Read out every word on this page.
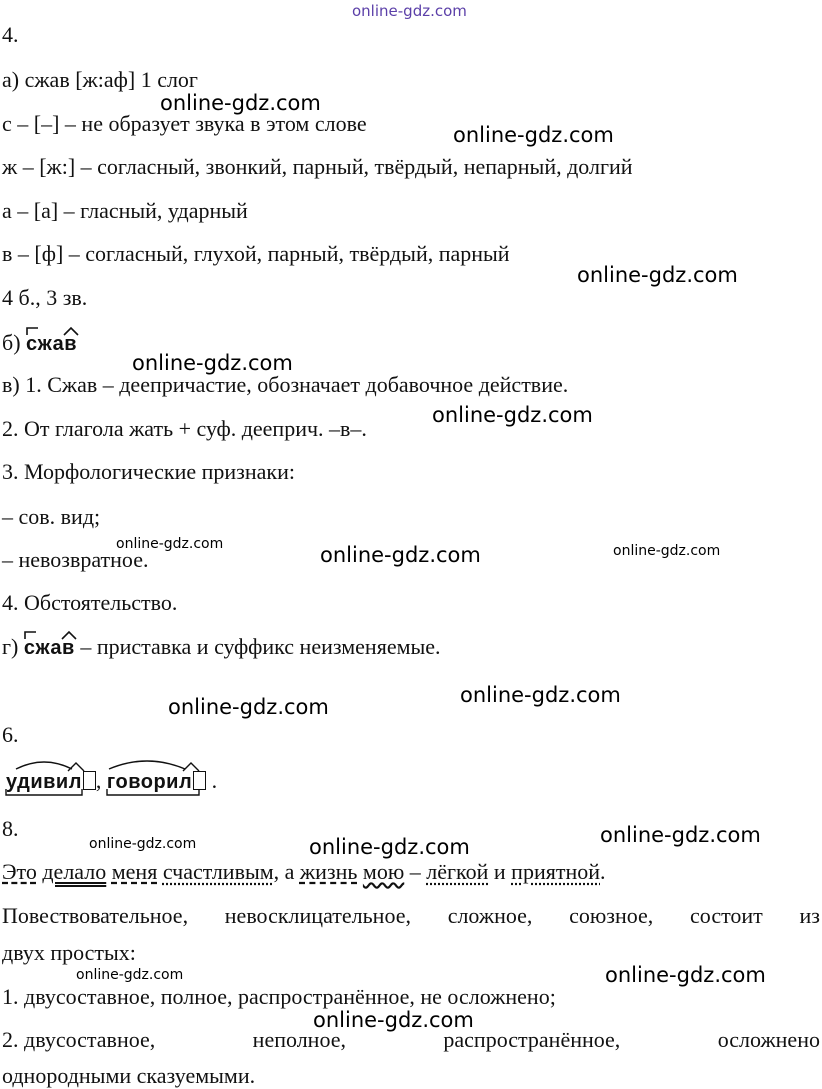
online-gdz.com
4.
а) сжав [ж:аф] 1 слог
с – [–] – не образует звука в этом слове
ж – [ж:] – согласный, звонкий, парный, твёрдый, непарный, долгий
а – [а] – гласный, ударный
в – [ф] – согласный, глухой, парный, твёрдый, парный
4 б., 3 зв.
б) сжав
в) 1. Сжав – деепричастие, обозначает добавочное действие.
2. От глагола жать + суф. дееприч. –в–.
3. Морфологические признаки:
– сов. вид;
– невозвратное.
4. Обстоятельство.
г) сжав
– приставка и суффикс неизменяемые.
6.
удивил , говорил
.
8.
Это делало меня счастливым, а жизнь мою – лёгкой и приятной.
Повествовательное, невосклицательное, сложное, союзное, состоит из
двух простых:
1. двусоставное, полное, распространённое, не осложнено;
2. двусоставное,	неполное,	распространённое,	осложнено
однородными сказуемыми.
online-gdz.com
online-gdz.com
online-gdz.com
online-gdz.com
online-gdz.com
online-gdz.com	online-gdz.com	online-gdz.com
online-gdz.com
online-gdz.com
online-gdz.com	online-gdz.com
online-gdz.com
online-gdz.com	online-gdz.com
online-gdz.com
